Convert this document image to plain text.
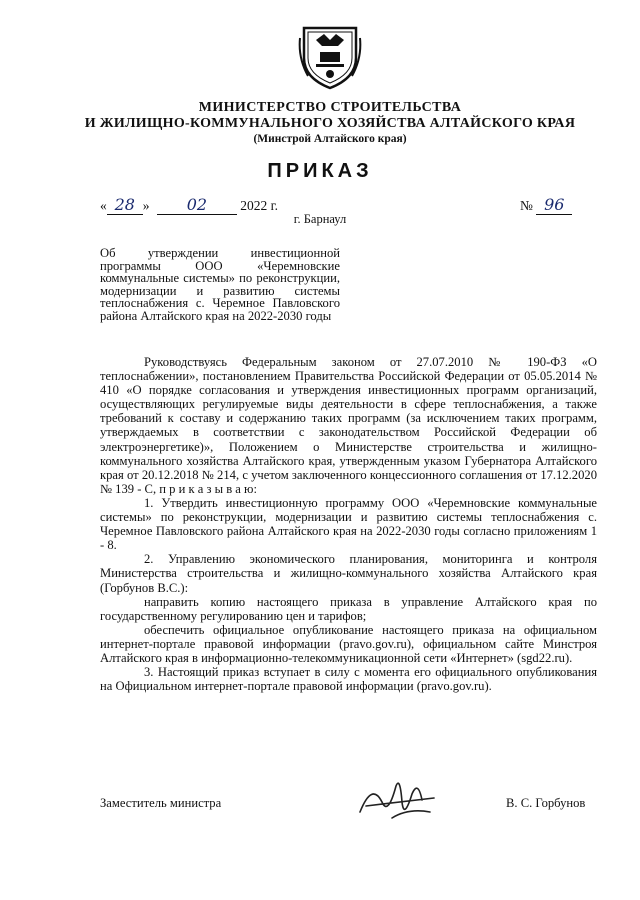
МИНИСТЕРСТВО СТРОИТЕЛЬСТВА
И ЖИЛИЩНО-КОММУНАЛЬНОГО ХОЗЯЙСТВА АЛТАЙСКОГО КРАЯ
(Минстрой Алтайского края)
ПРИКАЗ
« 28 » 02 2022 г.	№ 96
г. Барнаул
Об утверждении инвестиционной программы ООО «Черемновские коммунальные системы» по реконструкции, модернизации и развитию системы теплоснабжения с. Черемное Павловского района Алтайского края на 2022-2030 годы

Руководствуясь Федеральным законом от 27.07.2010 № 190-ФЗ «О теплоснабжении», постановлением Правительства Российской Федерации от 05.05.2014 № 410 «О порядке согласования и утверждения инвестиционных программ организаций, осуществляющих регулируемые виды деятельности в сфере теплоснабжения, а также требований к составу и содержанию таких программ (за исключением таких программ, утверждаемых в соответствии с законодательством Российской Федерации об электроэнергетике)», Положением о Министерстве строительства и жилищно-коммунального хозяйства Алтайского края, утвержденным указом Губернатора Алтайского края от 20.12.2018 № 214, с учетом заключенного концессионного соглашения от 17.12.2020 № 139 - С, п р и к а з ы в а ю:

1. Утвердить инвестиционную программу ООО «Черемновские коммунальные системы» по реконструкции, модернизации и развитию системы теплоснабжения с. Черемное Павловского района Алтайского края на 2022-2030 годы согласно приложениям 1 - 8.

2. Управлению экономического планирования, мониторинга и контроля Министерства строительства и жилищно-коммунального хозяйства Алтайского края (Горбунов В.С.):

направить копию настоящего приказа в управление Алтайского края по государственному регулированию цен и тарифов;

обеспечить официальное опубликование настоящего приказа на официальном интернет-портале правовой информации (pravo.gov.ru), официальном сайте Минстроя Алтайского края в информационно-телекоммуникационной сети «Интернет» (sgd22.ru).

3. Настоящий приказ вступает в силу с момента его официального опубликования на Официальном интернет-портале правовой информации (pravo.gov.ru).

Заместитель министра	В. С. Горбунов
